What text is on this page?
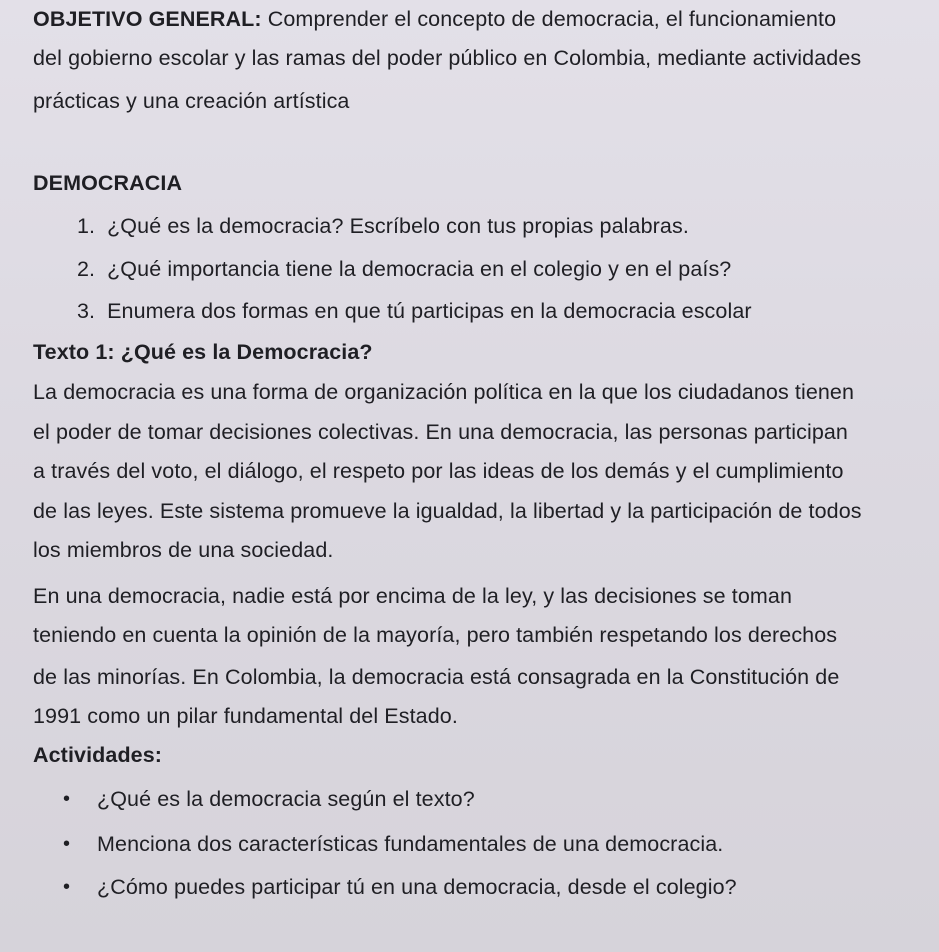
OBJETIVO GENERAL: Comprender el concepto de democracia, el funcionamiento
del gobierno escolar y las ramas del poder público en Colombia, mediante actividades
prácticas y una creación artística
DEMOCRACIA
1. ¿Qué es la democracia? Escríbelo con tus propias palabras.
2. ¿Qué importancia tiene la democracia en el colegio y en el país?
3. Enumera dos formas en que tú participas en la democracia escolar
Texto 1: ¿Qué es la Democracia?
La democracia es una forma de organización política en la que los ciudadanos tienen
el poder de tomar decisiones colectivas. En una democracia, las personas participan
a través del voto, el diálogo, el respeto por las ideas de los demás y el cumplimiento
de las leyes. Este sistema promueve la igualdad, la libertad y la participación de todos
los miembros de una sociedad.
En una democracia, nadie está por encima de la ley, y las decisiones se toman
teniendo en cuenta la opinión de la mayoría, pero también respetando los derechos
de las minorías. En Colombia, la democracia está consagrada en la Constitución de
1991 como un pilar fundamental del Estado.
Actividades:
• ¿Qué es la democracia según el texto?
• Menciona dos características fundamentales de una democracia.
• ¿Cómo puedes participar tú en una democracia, desde el colegio?
